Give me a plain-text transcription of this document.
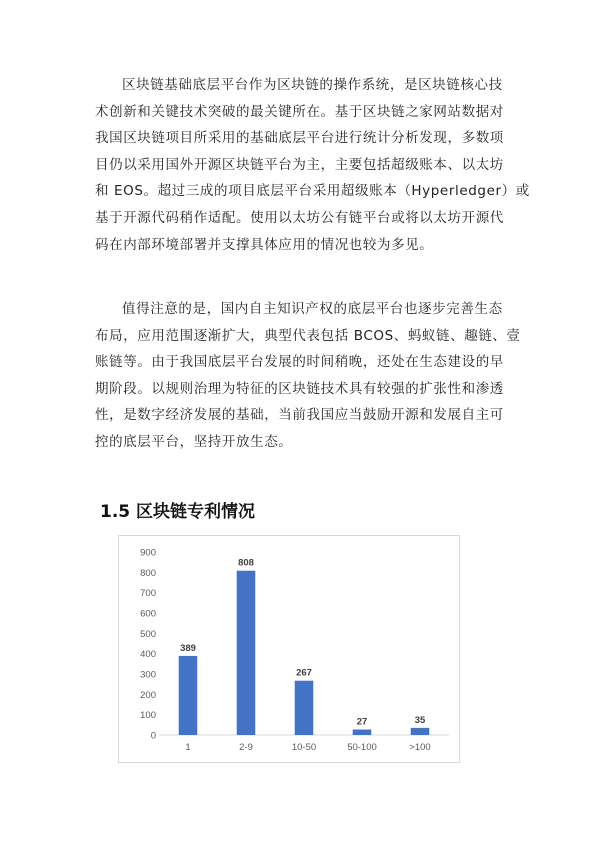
区块链基础底层平台作为区块链的操作系统，是区块链核心技
术创新和关键技术突破的最关键所在。基于区块链之家网站数据对
我国区块链项目所采用的基础底层平台进行统计分析发现，多数项
目仍以采用国外开源区块链平台为主，主要包括超级账本、以太坊
和 EOS。超过三成的项目底层平台采用超级账本（Hyperledger）或
基于开源代码稍作适配。使用以太坊公有链平台或将以太坊开源代
码在内部环境部署并支撑具体应用的情况也较为多见。
值得注意的是，国内自主知识产权的底层平台也逐步完善生态
布局，应用范围逐渐扩大，典型代表包括 BCOS、蚂蚁链、趣链、壹
账链等。由于我国底层平台发展的时间稍晚，还处在生态建设的早
期阶段。以规则治理为特征的区块链技术具有较强的扩张性和渗透
性，是数字经济发展的基础，当前我国应当鼓励开源和发展自主可
控的底层平台，坚持开放生态。
1.5 区块链专利情况
0
100
200
300
400
500
600
700
800
900
389
1
808
2-9
267
10-50
27
50-100
35
>100
